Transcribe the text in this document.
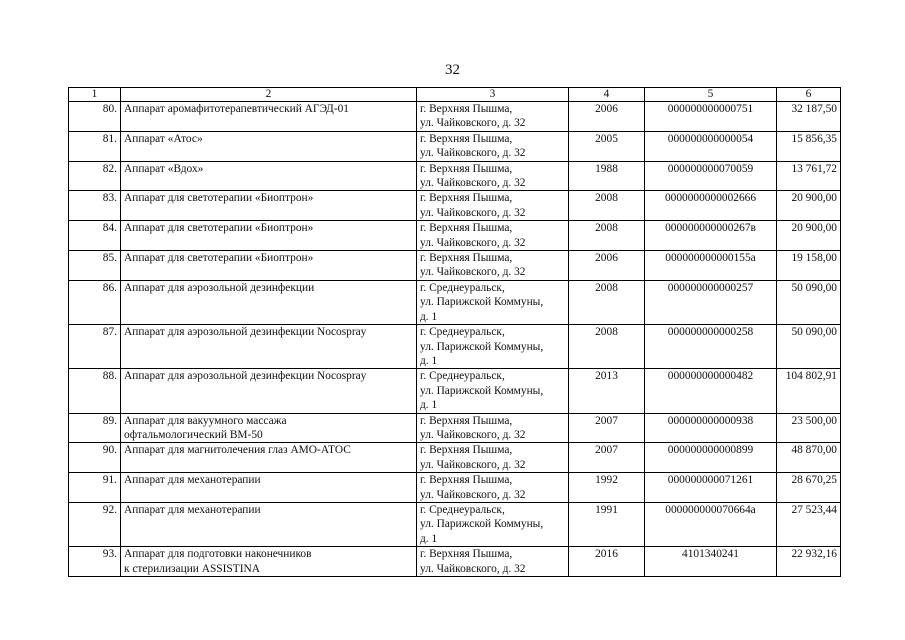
32
1	2	3	4	5	6
80.	Аппарат аромафитотерапевтический АГЭД-01	г. Верхняя Пышма,
ул. Чайковского, д. 32	2006	000000000000751	32 187,50
81.	Аппарат «Атос»	г. Верхняя Пышма,
ул. Чайковского, д. 32	2005	000000000000054	15 856,35
82.	Аппарат «Вдох»	г. Верхняя Пышма,
ул. Чайковского, д. 32	1988	000000000070059	13 761,72
83.	Аппарат для светотерапии «Биоптрон»	г. Верхняя Пышма,
ул. Чайковского, д. 32	2008	0000000000002666	20 900,00
84.	Аппарат для светотерапии «Биоптрон»	г. Верхняя Пышма,
ул. Чайковского, д. 32	2008	000000000000267в	20 900,00
85.	Аппарат для светотерапии «Биоптрон»	г. Верхняя Пышма,
ул. Чайковского, д. 32	2006	000000000000155а	19 158,00
86.	Аппарат для аэрозольной дезинфекции	г. Среднеуральск,
ул. Парижской Коммуны,
д. 1	2008	000000000000257	50 090,00
87.	Аппарат для аэрозольной дезинфекции Nocospray	г. Среднеуральск,
ул. Парижской Коммуны,
д. 1	2008	000000000000258	50 090,00
88.	Аппарат для аэрозольной дезинфекции Nocospray	г. Среднеуральск,
ул. Парижской Коммуны,
д. 1	2013	000000000000482	104 802,91
89.	Аппарат для вакуумного массажа
офтальмологический ВМ-50	г. Верхняя Пышма,
ул. Чайковского, д. 32	2007	000000000000938	23 500,00
90.	Аппарат для магнитолечения глаз АМО-АТОС	г. Верхняя Пышма,
ул. Чайковского, д. 32	2007	000000000000899	48 870,00
91.	Аппарат для механотерапии	г. Верхняя Пышма,
ул. Чайковского, д. 32	1992	000000000071261	28 670,25
92.	Аппарат для механотерапии	г. Среднеуральск,
ул. Парижской Коммуны,
д. 1	1991	000000000070664а	27 523,44
93.	Аппарат для подготовки наконечников
к стерилизации ASSISTINA	г. Верхняя Пышма,
ул. Чайковского, д. 32	2016	4101340241	22 932,16
